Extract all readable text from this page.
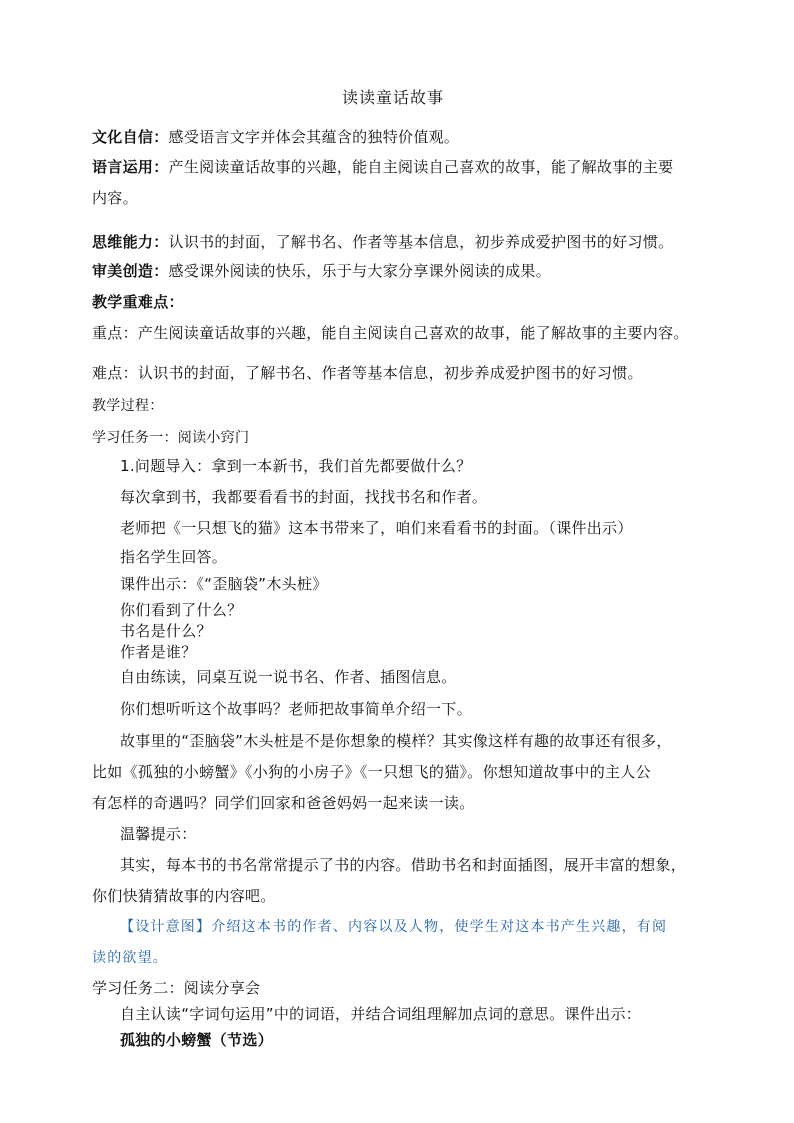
读读童话故事
文化自信：感受语言文字并体会其蕴含的独特价值观。
语言运用：产生阅读童话故事的兴趣，能自主阅读自己喜欢的故事，能了解故事的主要
内容。
思维能力：认识书的封面，了解书名、作者等基本信息，初步养成爱护图书的好习惯。
审美创造：感受课外阅读的快乐，乐于与大家分享课外阅读的成果。
教学重难点：
重点：产生阅读童话故事的兴趣，能自主阅读自己喜欢的故事，能了解故事的主要内容。
难点：认识书的封面，了解书名、作者等基本信息，初步养成爱护图书的好习惯。
教学过程：
学习任务一：阅读小窍门
1.问题导入：拿到一本新书，我们首先都要做什么？
每次拿到书，我都要看看书的封面，找找书名和作者。
老师把《一只想飞的猫》这本书带来了，咱们来看看书的封面。（课件出示）
指名学生回答。
课件出示：《“歪脑袋”木头桩》
你们看到了什么？
书名是什么？
作者是谁？
自由练读，同桌互说一说书名、作者、插图信息。
你们想听听这个故事吗？老师把故事简单介绍一下。
故事里的“歪脑袋”木头桩是不是你想象的模样？其实像这样有趣的故事还有很多，
比如《孤独的小螃蟹》《小狗的小房子》《一只想飞的猫》。你想知道故事中的主人公
有怎样的奇遇吗？同学们回家和爸爸妈妈一起来读一读。
温馨提示：
其实，每本书的书名常常提示了书的内容。借助书名和封面插图，展开丰富的想象，
你们快猜猜故事的内容吧。
【设计意图】介绍这本书的作者、内容以及人物，使学生对这本书产生兴趣，有阅
读的欲望。
学习任务二：阅读分享会
自主认读“字词句运用”中的词语，并结合词组理解加点词的意思。课件出示：
孤独的小螃蟹（节选）
